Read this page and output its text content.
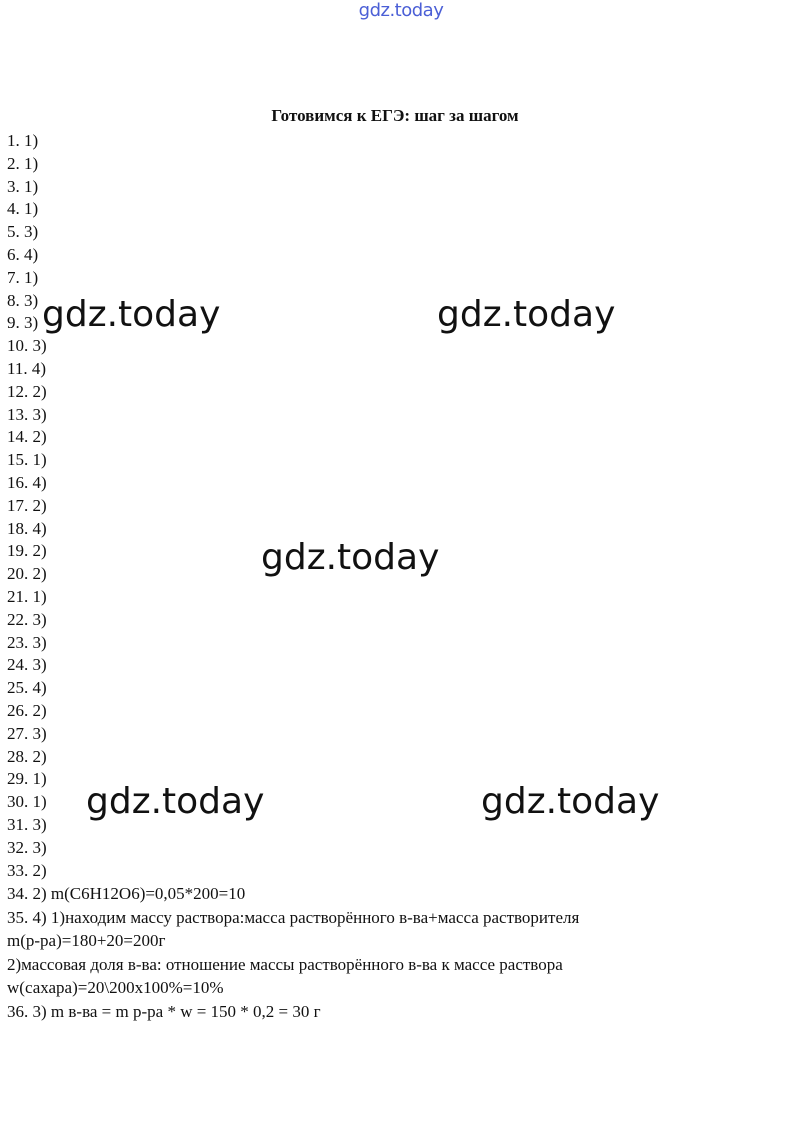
gdz.today
Готовимся к ЕГЭ: шаг за шагом
1. 1)
2. 1)
3. 1)
4. 1)
5. 3)
6. 4)
7. 1)
8. 3)
9. 3)
10. 3)
11. 4)
12. 2)
13. 3)
14. 2)
15. 1)
16. 4)
17. 2)
18. 4)
19. 2)
20. 2)
21. 1)
22. 3)
23. 3)
24. 3)
25. 4)
26. 2)
27. 3)
28. 2)
29. 1)
30. 1)
31. 3)
32. 3)
33. 2)
34. 2) m(C6H12O6)=0,05*200=10
35. 4) 1)находим массу раствора:масса растворённого в-ва+масса растворителя
m(р-ра)=180+20=200г
2)массовая доля в-ва: отношение массы растворённого в-ва к массе раствора
w(сахара)=20\200х100%=10%
36. 3) m в-ва = m р-ра * w = 150 * 0,2 = 30 г
gdz.today	gdz.today
gdz.today
gdz.today	gdz.today
